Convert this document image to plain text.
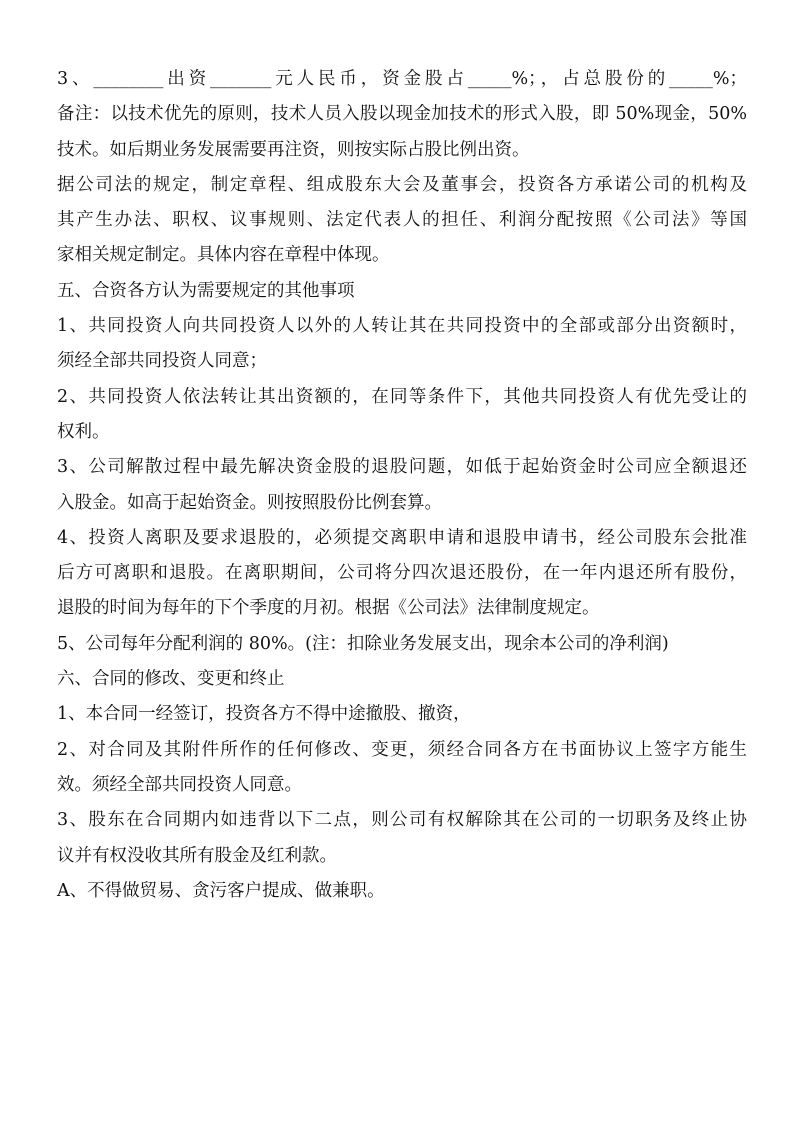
3、________出资_______元人民币，资金股占_____%；，占总股份的_____%；
备注：以技术优先的原则，技术人员入股以现金加技术的形式入股，即 50%现金，50%
技术。如后期业务发展需要再注资，则按实际占股比例出资。
据公司法的规定，制定章程、组成股东大会及董事会，投资各方承诺公司的机构及
其产生办法、职权、议事规则、法定代表人的担任、利润分配按照《公司法》等国
家相关规定制定。具体内容在章程中体现。
五、合资各方认为需要规定的其他事项
1、共同投资人向共同投资人以外的人转让其在共同投资中的全部或部分出资额时，
须经全部共同投资人同意；
2、共同投资人依法转让其出资额的，在同等条件下，其他共同投资人有优先受让的
权利。
3、公司解散过程中最先解决资金股的退股问题，如低于起始资金时公司应全额退还
入股金。如高于起始资金。则按照股份比例套算。
4、投资人离职及要求退股的，必须提交离职申请和退股申请书，经公司股东会批准
后方可离职和退股。在离职期间，公司将分四次退还股份，在一年内退还所有股份，
退股的时间为每年的下个季度的月初。根据《公司法》法律制度规定。
5、公司每年分配利润的 80%。(注：扣除业务发展支出，现余本公司的净利润)
六、合同的修改、变更和终止
1、本合同一经签订，投资各方不得中途撤股、撤资，
2、对合同及其附件所作的任何修改、变更，须经合同各方在书面协议上签字方能生
效。须经全部共同投资人同意。
3、股东在合同期内如违背以下二点，则公司有权解除其在公司的一切职务及终止协
议并有权没收其所有股金及红利款。
A、不得做贸易、贪污客户提成、做兼职。
